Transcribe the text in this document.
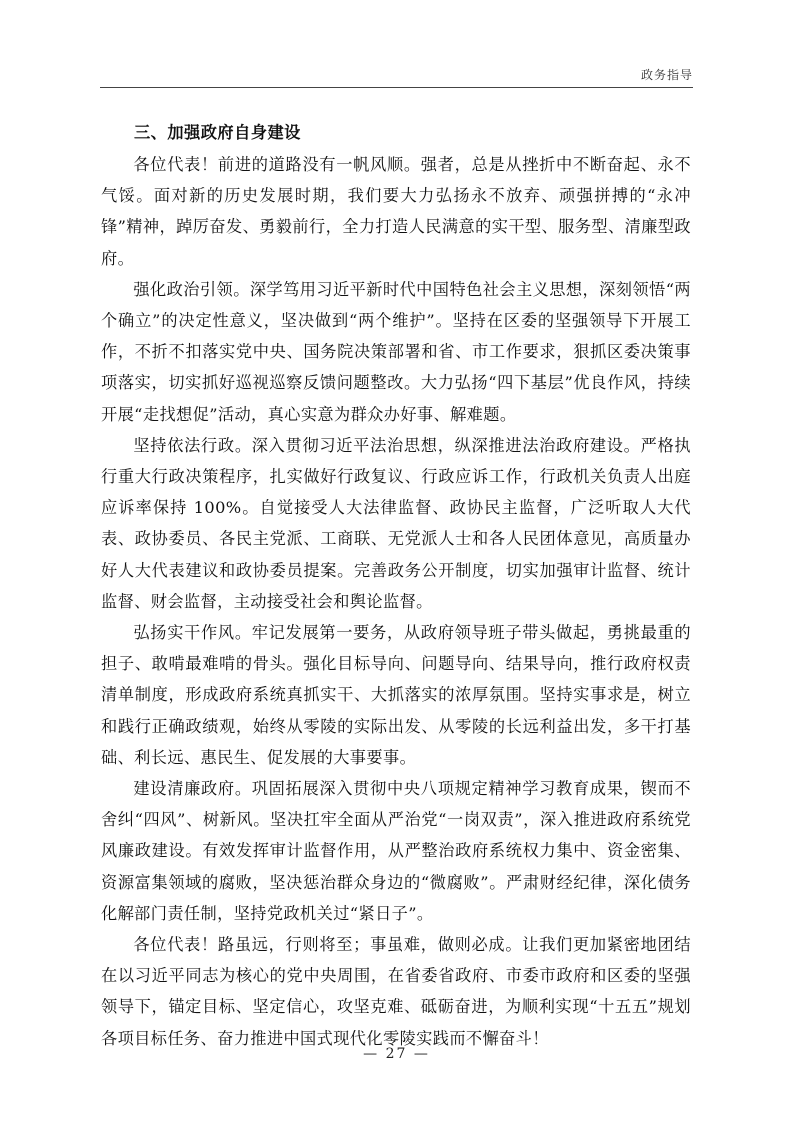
政务指导
三、加强政府自身建设

各位代表！前进的道路没有一帆风顺。强者，总是从挫折中不断奋起、永不气馁。面对新的历史发展时期，我们要大力弘扬永不放弃、顽强拼搏的“永冲锋”精神，踔厉奋发、勇毅前行，全力打造人民满意的实干型、服务型、清廉型政府。

强化政治引领。深学笃用习近平新时代中国特色社会主义思想，深刻领悟“两个确立”的决定性意义，坚决做到“两个维护”。坚持在区委的坚强领导下开展工作，不折不扣落实党中央、国务院决策部署和省、市工作要求，狠抓区委决策事项落实，切实抓好巡视巡察反馈问题整改。大力弘扬“四下基层”优良作风，持续开展“走找想促”活动，真心实意为群众办好事、解难题。

坚持依法行政。深入贯彻习近平法治思想，纵深推进法治政府建设。严格执行重大行政决策程序，扎实做好行政复议、行政应诉工作，行政机关负责人出庭应诉率保持 100%。自觉接受人大法律监督、政协民主监督，广泛听取人大代表、政协委员、各民主党派、工商联、无党派人士和各人民团体意见，高质量办好人大代表建议和政协委员提案。完善政务公开制度，切实加强审计监督、统计监督、财会监督，主动接受社会和舆论监督。

弘扬实干作风。牢记发展第一要务，从政府领导班子带头做起，勇挑最重的担子、敢啃最难啃的骨头。强化目标导向、问题导向、结果导向，推行政府权责清单制度，形成政府系统真抓实干、大抓落实的浓厚氛围。坚持实事求是，树立和践行正确政绩观，始终从零陵的实际出发、从零陵的长远利益出发，多干打基础、利长远、惠民生、促发展的大事要事。

建设清廉政府。巩固拓展深入贯彻中央八项规定精神学习教育成果，锲而不舍纠“四风”、树新风。坚决扛牢全面从严治党“一岗双责”，深入推进政府系统党风廉政建设。有效发挥审计监督作用，从严整治政府系统权力集中、资金密集、资源富集领域的腐败，坚决惩治群众身边的“微腐败”。严肃财经纪律，深化债务化解部门责任制，坚持党政机关过“紧日子”。

各位代表！路虽远，行则将至；事虽难，做则必成。让我们更加紧密地团结在以习近平同志为核心的党中央周围，在省委省政府、市委市政府和区委的坚强领导下，锚定目标、坚定信心，攻坚克难、砥砺奋进，为顺利实现“十五五”规划各项目标任务、奋力推进中国式现代化零陵实践而不懈奋斗！

— 27 —
